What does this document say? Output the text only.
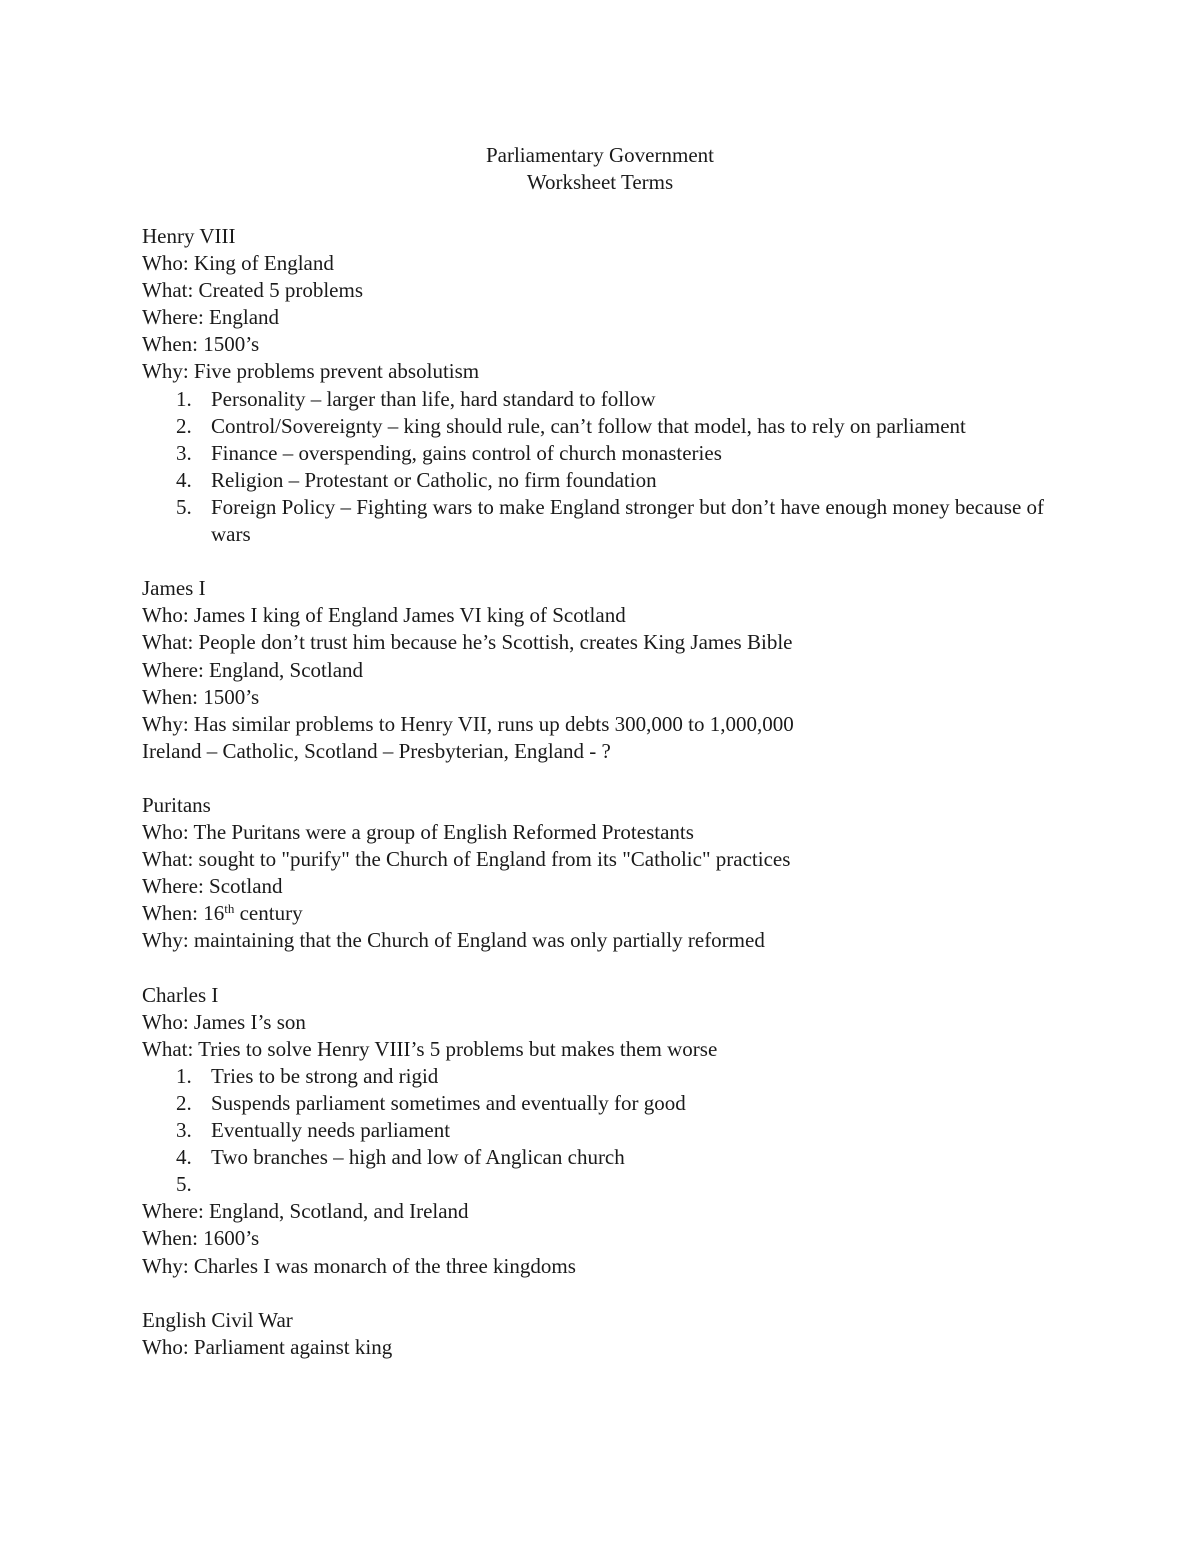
Parliamentary Government
Worksheet Terms
Henry VIII
Who: King of England
What: Created 5 problems
Where: England
When: 1500’s
Why: Five problems prevent absolutism
1. Personality – larger than life, hard standard to follow
2. Control/Sovereignty – king should rule, can’t follow that model, has to rely on parliament
3. Finance – overspending, gains control of church monasteries
4. Religion – Protestant or Catholic, no firm foundation
5. Foreign Policy – Fighting wars to make England stronger but don’t have enough money because of wars
James I
Who: James I king of England James VI king of Scotland
What: People don’t trust him because he’s Scottish, creates King James Bible
Where: England, Scotland
When: 1500’s
Why: Has similar problems to Henry VII, runs up debts 300,000 to 1,000,000
Ireland – Catholic, Scotland – Presbyterian, England - ?
Puritans
Who: The Puritans were a group of English Reformed Protestants
What: sought to "purify" the Church of England from its "Catholic" practices
Where: Scotland
When: 16th century
Why: maintaining that the Church of England was only partially reformed
Charles I
Who: James I’s son
What: Tries to solve Henry VIII’s 5 problems but makes them worse
1. Tries to be strong and rigid
2. Suspends parliament sometimes and eventually for good
3. Eventually needs parliament
4. Two branches – high and low of Anglican church
5.
Where: England, Scotland, and Ireland
When: 1600’s
Why: Charles I was monarch of the three kingdoms
English Civil War
Who: Parliament against king
